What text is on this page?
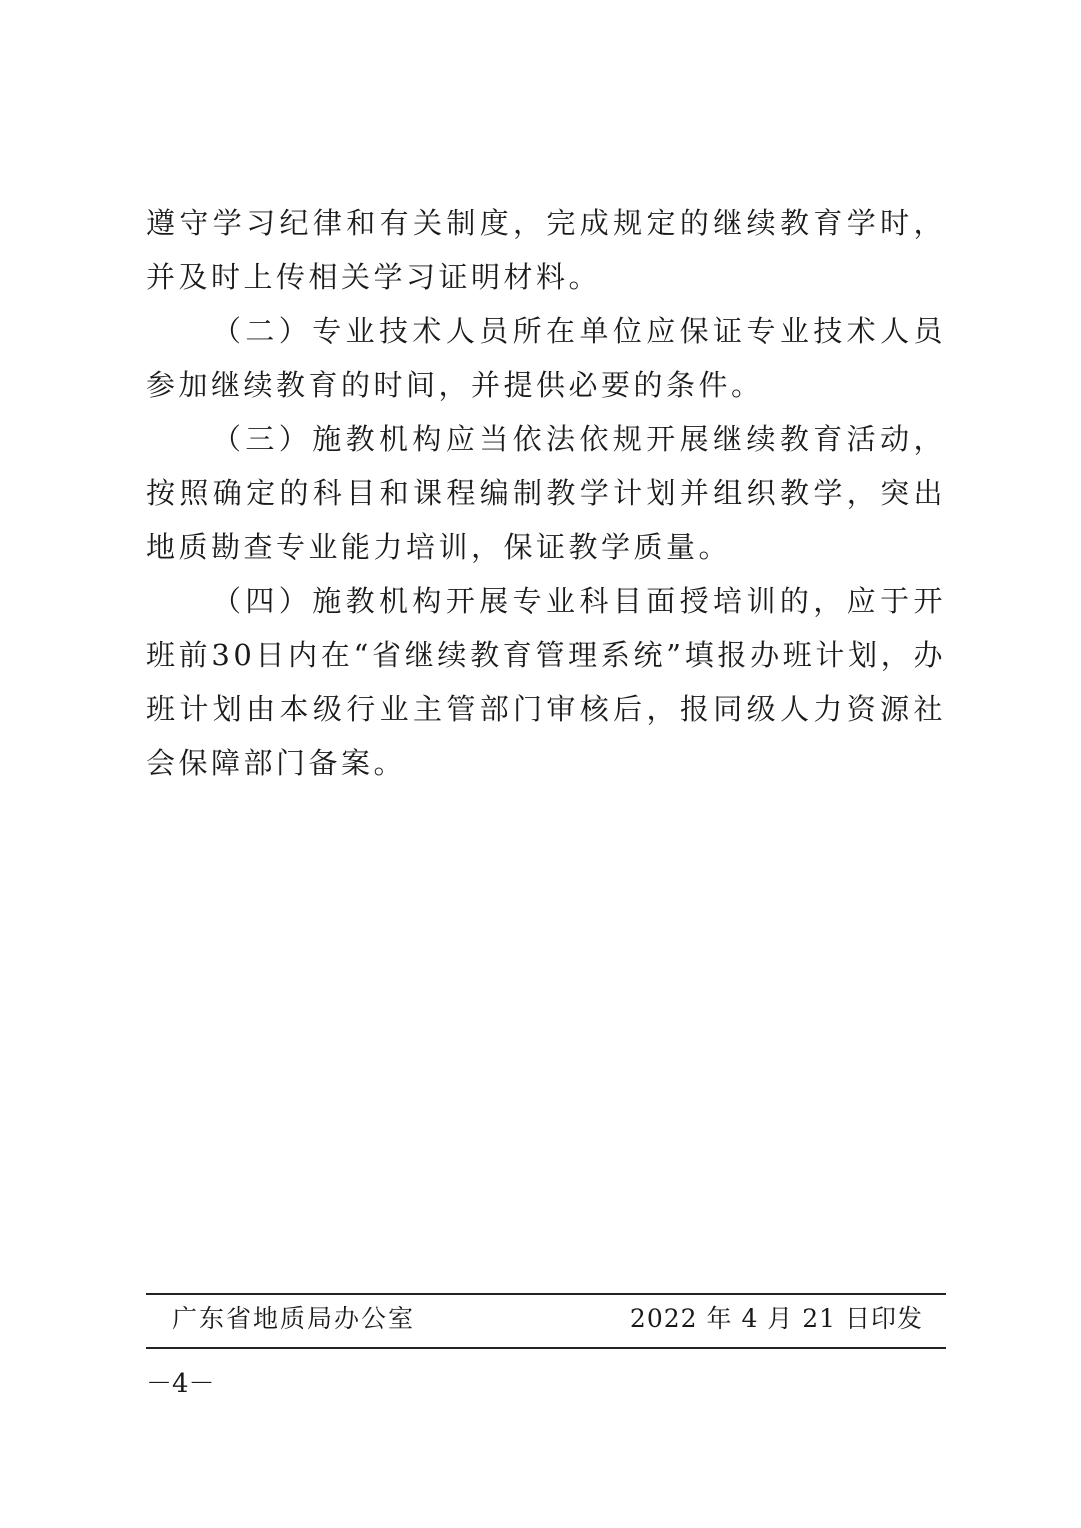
遵守学习纪律和有关制度，完成规定的继续教育学时，并及时上传相关学习证明材料。

（二）专业技术人员所在单位应保证专业技术人员参加继续教育的时间，并提供必要的条件。

（三）施教机构应当依法依规开展继续教育活动，按照确定的科目和课程编制教学计划并组织教学，突出地质勘查专业能力培训，保证教学质量。

（四）施教机构开展专业科目面授培训的，应于开班前30日内在“省继续教育管理系统”填报办班计划，办班计划由本级行业主管部门审核后，报同级人力资源社会保障部门备案。

广东省地质局办公室	2022 年 4 月 21 日印发
－4－
